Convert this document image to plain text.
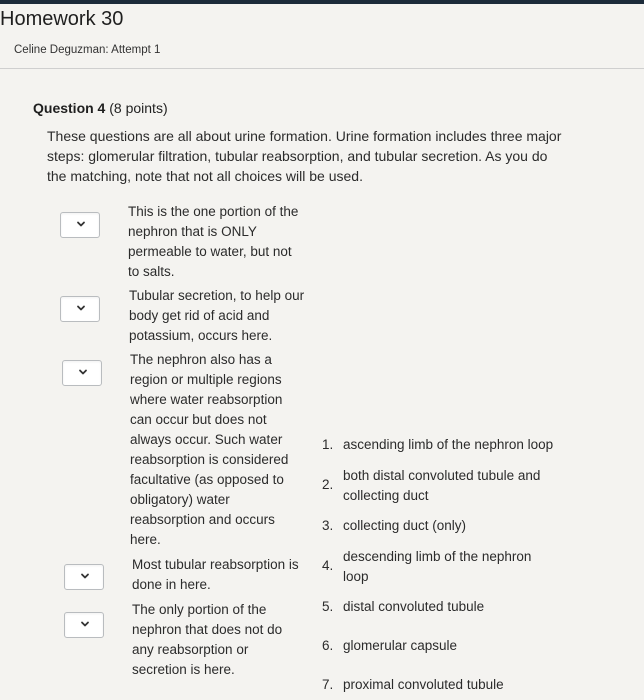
Homework 30
Celine Deguzman: Attempt 1
Question 4 (8 points)
These questions are all about urine formation. Urine formation includes three major steps: glomerular filtration, tubular reabsorption, and tubular secretion. As you do the matching, note that not all choices will be used.
This is the one portion of the nephron that is ONLY permeable to water, but not to salts.
Tubular secretion, to help our body get rid of acid and potassium, occurs here.
The nephron also has a region or multiple regions where water reabsorption can occur but does not always occur. Such water reabsorption is considered facultative (as opposed to obligatory) water reabsorption and occurs here.
Most tubular reabsorption is done in here.
The only portion of the nephron that does not do any reabsorption or secretion is here.
1. ascending limb of the nephron loop
2.
both distal convoluted tubule and collecting duct
3. collecting duct (only)
4.
descending limb of the nephron loop
5. distal convoluted tubule
6. glomerular capsule
7. proximal convoluted tubule
